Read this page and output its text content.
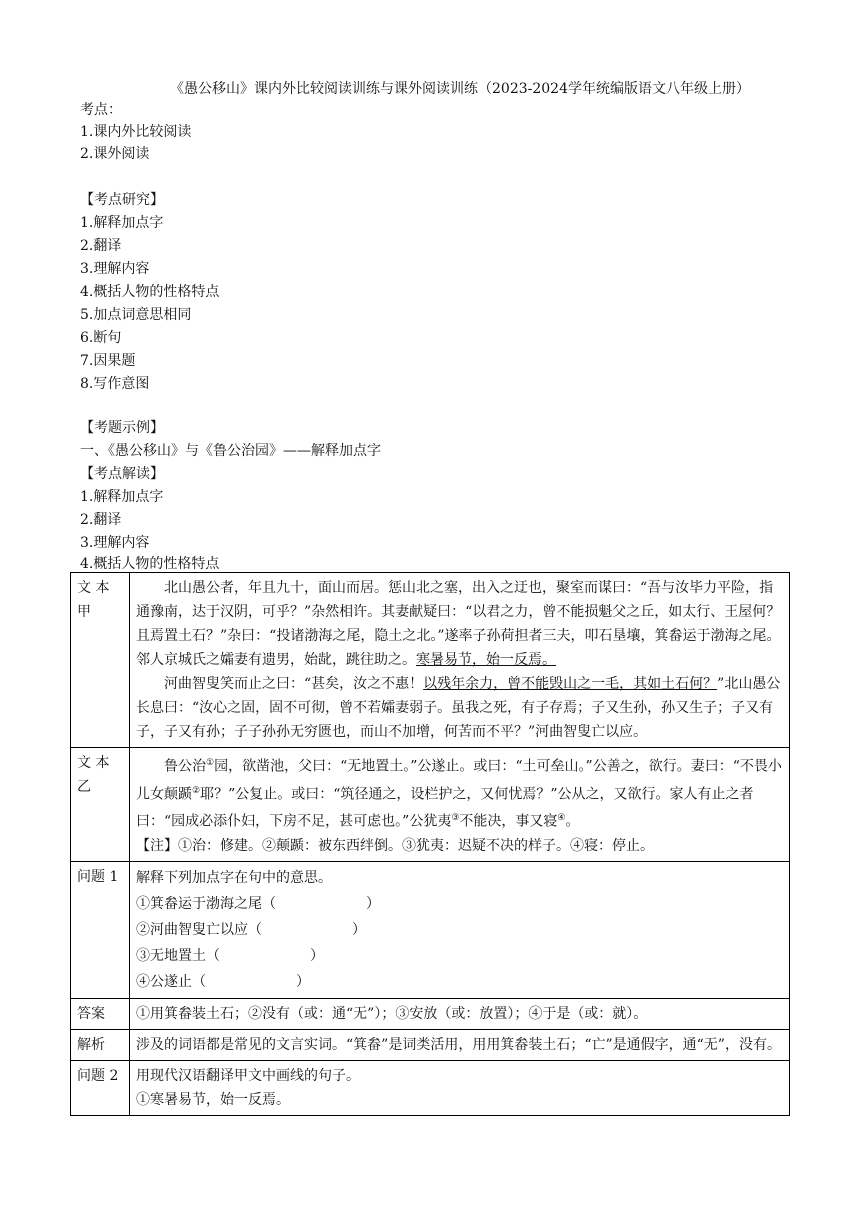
《愚公移山》课内外比较阅读训练与课外阅读训练（2023-2024学年统编版语文八年级上册）
考点：
1.课内外比较阅读
2.课外阅读
【考点研究】
1.解释加点字
2.翻译
3.理解内容
4.概括人物的性格特点
5.加点词意思相同
6.断句
7.因果题
8.写作意图
【考题示例】
一、《愚公移山》与《鲁公治园》——解释加点字
【考点解读】
1.解释加点字
2.翻译
3.理解内容
4.概括人物的性格特点
文 本甲	北山愚公者，年且九十，面山而居。惩山北之塞，出入之迂也，聚室而谋曰：“吾与汝毕力平险，指通豫南，达于汉阴，可乎？”杂然相许。其妻献疑曰：“以君之力，曾不能损魁父之丘，如太行、王屋何？且焉置土石？”杂曰：“投诸渤海之尾，隐土之北。”遂率子孙荷担者三夫，叩石垦壤，箕畚运于渤海之尾。邻人京城氏之孀妻有遗男，始龀，跳往助之。寒暑易节，始一反焉。

河曲智叟笑而止之曰：“甚矣，汝之不惠！以残年余力，曾不能毁山之一毛，其如土石何？”北山愚公长息曰：“汝心之固，固不可彻，曾不若孀妻弱子。虽我之死，有子存焉；子又生孙，孙又生子；子又有子，子又有孙；子子孙孙无穷匮也，而山不加增，何苦而不平？”河曲智叟亡以应。

文 本乙	鲁公治①园，欲凿池，父曰：“无地置土。”公遂止。或曰：“土可垒山。”公善之，欲行。妻曰：“不畏小儿女颠踬②耶？”公复止。或曰：“筑径通之，设栏护之，又何忧焉？”公从之，又欲行。家人有止之者曰：“园成必添仆妇，下房不足，甚可虑也。”公犹夷③不能决，事又寝④。

【注】①治：修建。②颠踬：被东西绊倒。③犹夷：迟疑不决的样子。④寝：停止。

问题 1	解释下列加点字在句中的意思。

①箕畚运于渤海之尾（ ）

②河曲智叟亡以应（ ）

③无地置土（ ）

④公遂止（ ）

答案	①用箕畚装土石；②没有（或：通“无”）；③安放（或：放置）；④于是（或：就）。
解析	涉及的词语都是常见的文言实词。“箕畚”是词类活用，用用箕畚装土石；“亡”是通假字，通“无”，没有。
问题 2	用现代汉语翻译甲文中画线的句子。

①寒暑易节，始一反焉。
